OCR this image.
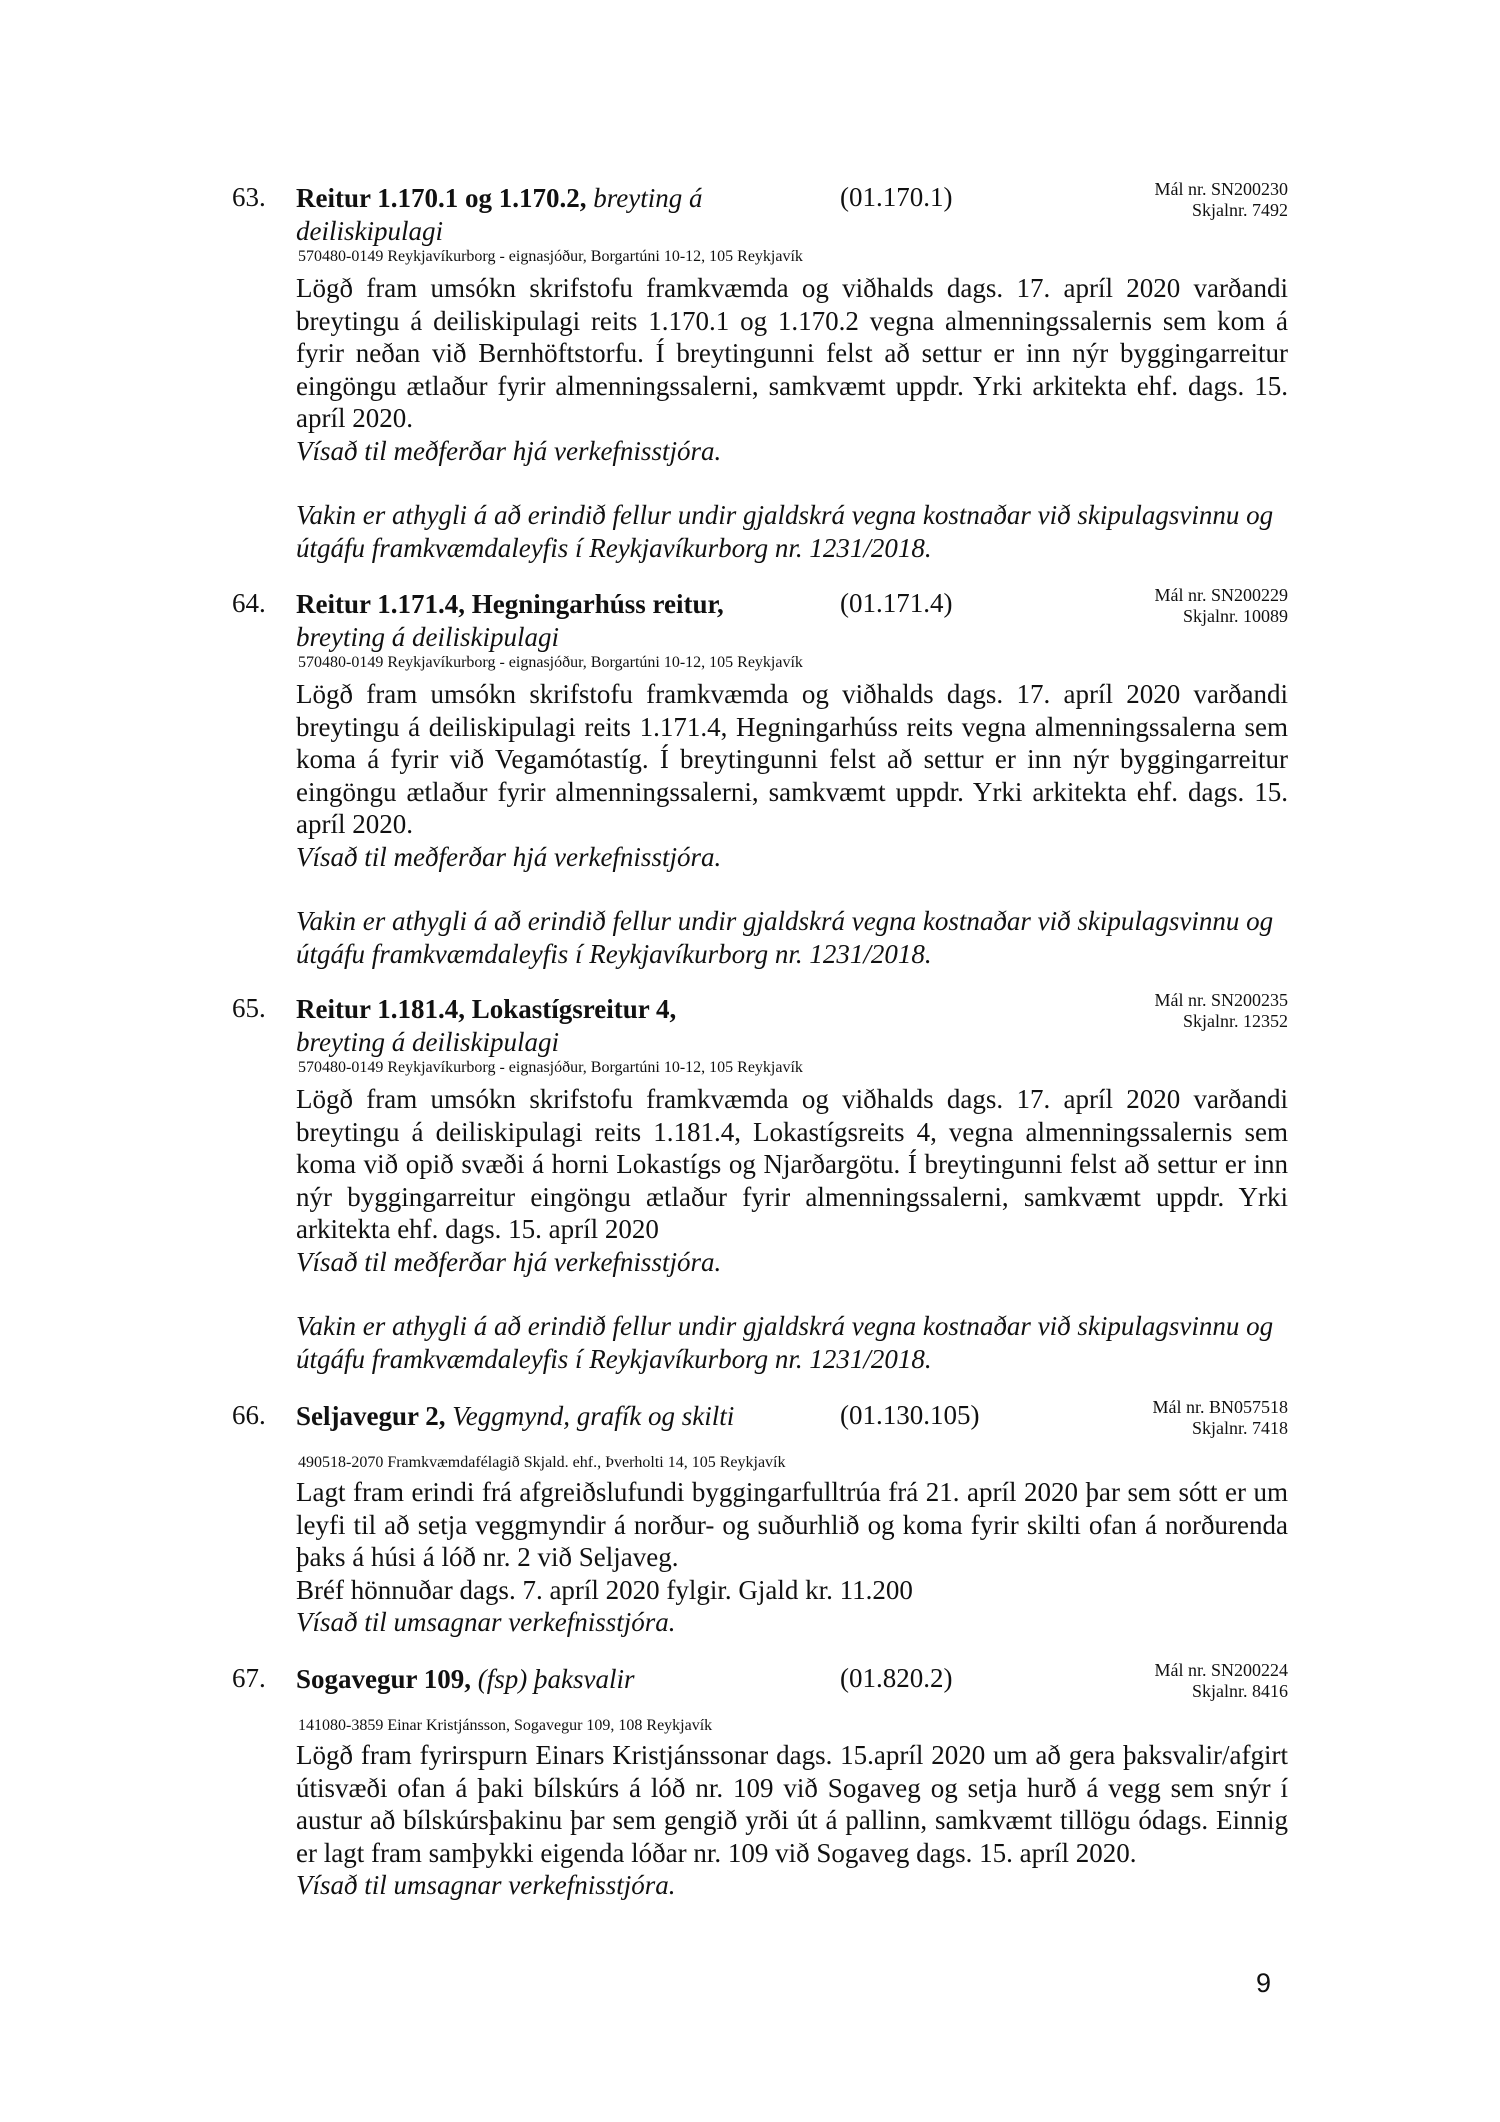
63. Reitur 1.170.1 og 1.170.2, breyting á deiliskipulagi
(01.170.1)	Mál nr. SN200230
Skjalnr. 7492
570480-0149 Reykjavíkurborg - eignasjóður, Borgartúni 10-12, 105 Reykjavík

Lögð fram umsókn skrifstofu framkvæmda og viðhalds dags. 17. apríl 2020 varðandi breytingu á deiliskipulagi reits 1.170.1 og 1.170.2 vegna almenningssalernis sem kom á fyrir neðan við Bernhöftstorfu. Í breytingunni felst að settur er inn nýr byggingarreitur eingöngu ætlaður fyrir almenningssalerni, samkvæmt uppdr. Yrki arkitekta ehf. dags. 15. apríl 2020.

Vísað til meðferðar hjá verkefnisstjóra.

Vakin er athygli á að erindið fellur undir gjaldskrá vegna kostnaðar við skipulagsvinnu og útgáfu framkvæmdaleyfis í Reykjavíkurborg nr. 1231/2018.

64. Reitur 1.171.4, Hegningarhúss reitur, breyting á deiliskipulagi
(01.171.4)	Mál nr. SN200229
Skjalnr. 10089
570480-0149 Reykjavíkurborg - eignasjóður, Borgartúni 10-12, 105 Reykjavík

Lögð fram umsókn skrifstofu framkvæmda og viðhalds dags. 17. apríl 2020 varðandi breytingu á deiliskipulagi reits 1.171.4, Hegningarhúss reits vegna almenningssalerna sem koma á fyrir við Vegamótastíg. Í breytingunni felst að settur er inn nýr byggingarreitur eingöngu ætlaður fyrir almenningssalerni, samkvæmt uppdr. Yrki arkitekta ehf. dags. 15. apríl 2020.

Vísað til meðferðar hjá verkefnisstjóra.

Vakin er athygli á að erindið fellur undir gjaldskrá vegna kostnaðar við skipulagsvinnu og útgáfu framkvæmdaleyfis í Reykjavíkurborg nr. 1231/2018.

65. Reitur 1.181.4, Lokastígsreitur 4, breyting á deiliskipulagi
Mál nr. SN200235
Skjalnr. 12352
570480-0149 Reykjavíkurborg - eignasjóður, Borgartúni 10-12, 105 Reykjavík

Lögð fram umsókn skrifstofu framkvæmda og viðhalds dags. 17. apríl 2020 varðandi breytingu á deiliskipulagi reits 1.181.4, Lokastígsreits 4, vegna almenningssalernis sem koma við opið svæði á horni Lokastígs og Njarðargötu. Í breytingunni felst að settur er inn nýr byggingarreitur eingöngu ætlaður fyrir almenningssalerni, samkvæmt uppdr. Yrki arkitekta ehf. dags. 15. apríl 2020

Vísað til meðferðar hjá verkefnisstjóra.

Vakin er athygli á að erindið fellur undir gjaldskrá vegna kostnaðar við skipulagsvinnu og útgáfu framkvæmdaleyfis í Reykjavíkurborg nr. 1231/2018.

66. Seljavegur 2, Veggmynd, grafík og skilti	(01.130.105)	Mál nr. BN057518
Skjalnr. 7418
490518-2070 Framkvæmdafélagið Skjald. ehf., Þverholti 14, 105 Reykjavík

Lagt fram erindi frá afgreiðslufundi byggingarfulltrúa frá 21. apríl 2020 þar sem sótt er um leyfi til að setja veggmyndir á norður- og suðurhlið og koma fyrir skilti ofan á norðurenda þaks á húsi á lóð nr. 2 við Seljaveg.

Bréf hönnuðar dags. 7. apríl 2020 fylgir. Gjald kr. 11.200

Vísað til umsagnar verkefnisstjóra.

67. Sogavegur 109, (fsp) þaksvalir	(01.820.2)	Mál nr. SN200224
Skjalnr. 8416
141080-3859 Einar Kristjánsson, Sogavegur 109, 108 Reykjavík

Lögð fram fyrirspurn Einars Kristjánssonar dags. 15.apríl 2020 um að gera þaksvalir/afgirt útisvæði ofan á þaki bílskúrs á lóð nr. 109 við Sogaveg og setja hurð á vegg sem snýr í austur að bílskúrsþakinu þar sem gengið yrði út á pallinn, samkvæmt tillögu ódags. Einnig er lagt fram samþykki eigenda lóðar nr. 109 við Sogaveg dags. 15. apríl 2020.

Vísað til umsagnar verkefnisstjóra.

9
